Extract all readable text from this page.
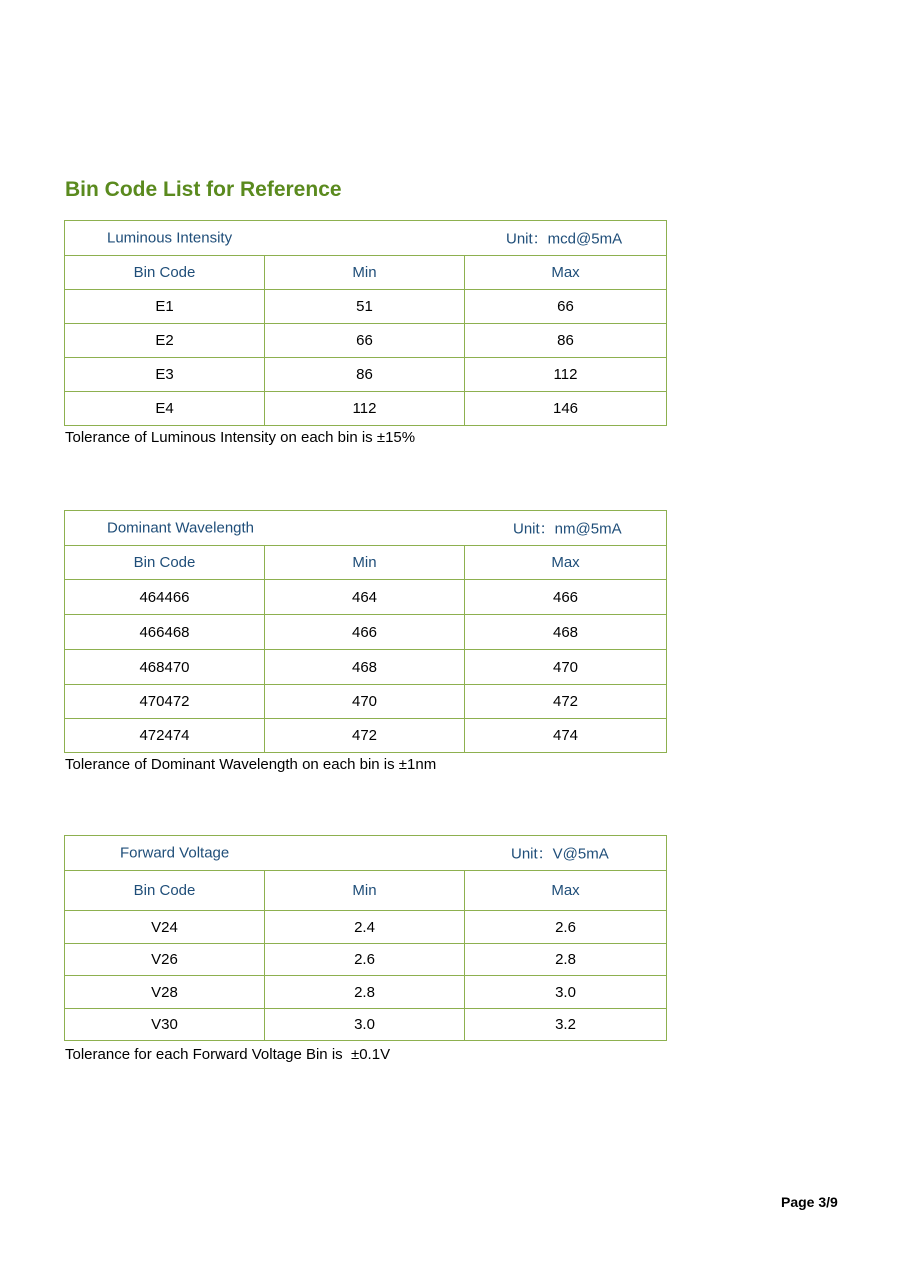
Bin Code List for Reference
Luminous Intensity Unit：mcd@5mA		

Bin Code	Min	Max
E1	51	66
E2	66	86
E3	86	112
E4	112	146
Tolerance of Luminous Intensity on each bin is ±15%
Dominant Wavelength Unit：nm@5mA		

Bin Code	Min	Max
464466	464	466
466468	466	468
468470	468	470
470472	470	472
472474	472	474
Tolerance of Dominant Wavelength on each bin is ±1nm
Forward Voltage Unit：V@5mA		

Bin Code	Min	Max
V24	2.4	2.6
V26	2.6	2.8
V28	2.8	3.0
V30	3.0	3.2
Tolerance for each Forward Voltage Bin is  ±0.1V
Page 3/9
